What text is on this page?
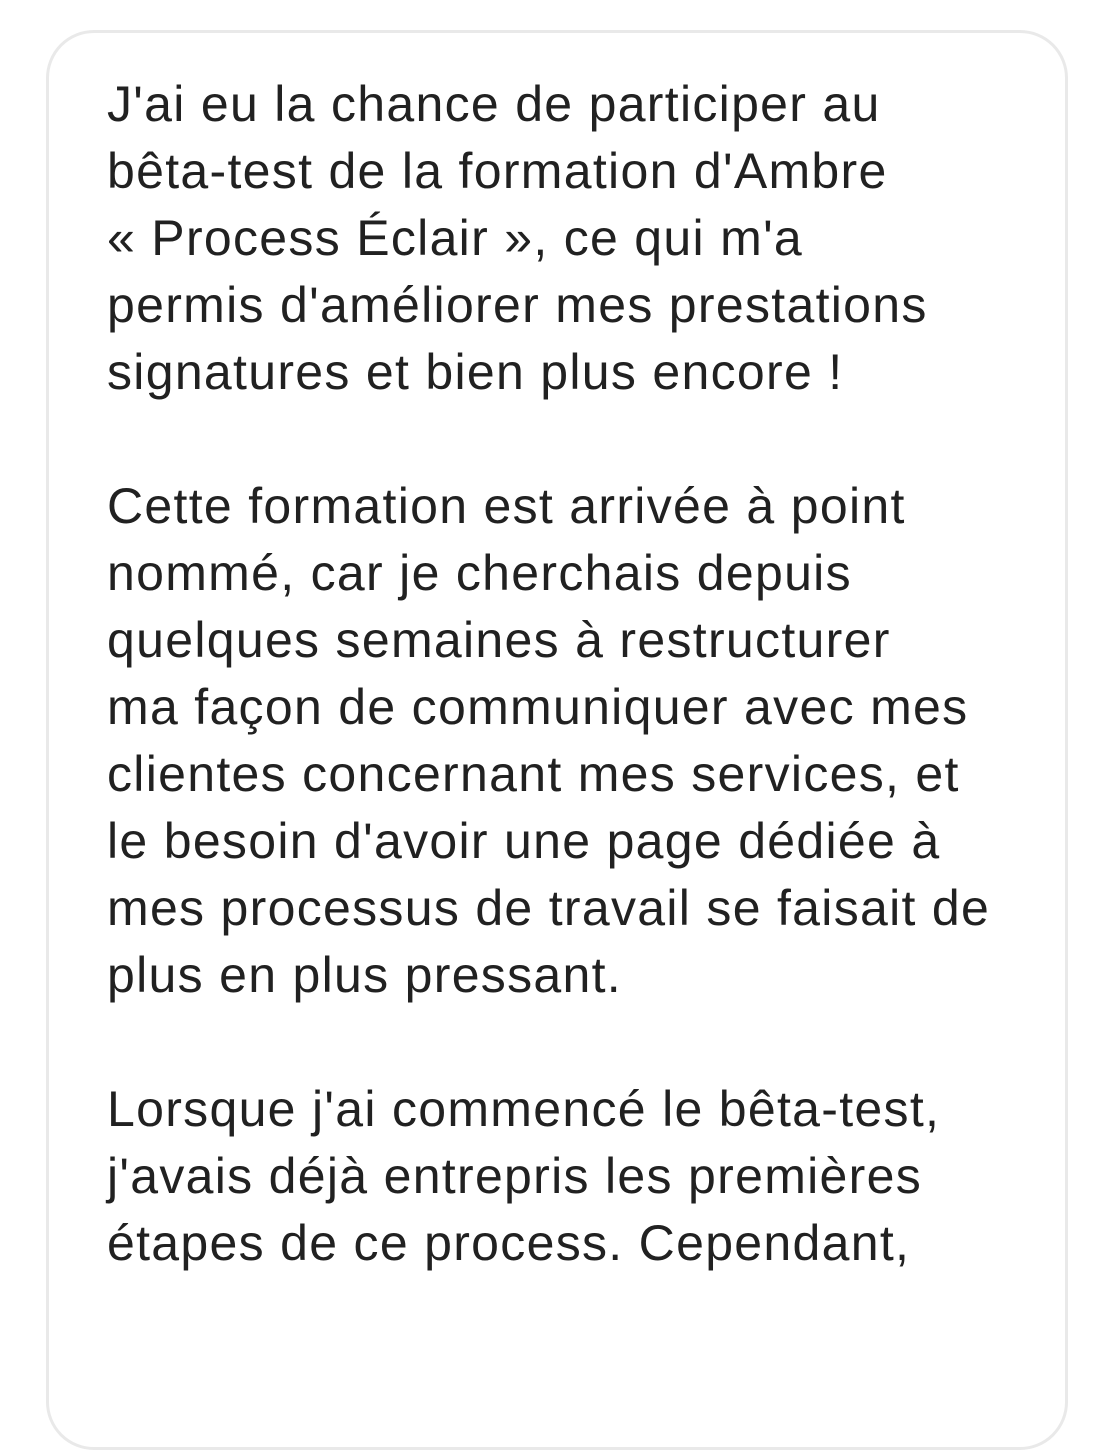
J'ai eu la chance de participer au
bêta-test de la formation d'Ambre
« Process Éclair », ce qui m'a
permis d'améliorer mes prestations
signatures et bien plus encore !
Cette formation est arrivée à point
nommé, car je cherchais depuis
quelques semaines à restructurer
ma façon de communiquer avec mes
clientes concernant mes services, et
le besoin d'avoir une page dédiée à
mes processus de travail se faisait de
plus en plus pressant.
Lorsque j'ai commencé le bêta-test,
j'avais déjà entrepris les premières
étapes de ce process. Cependant,
